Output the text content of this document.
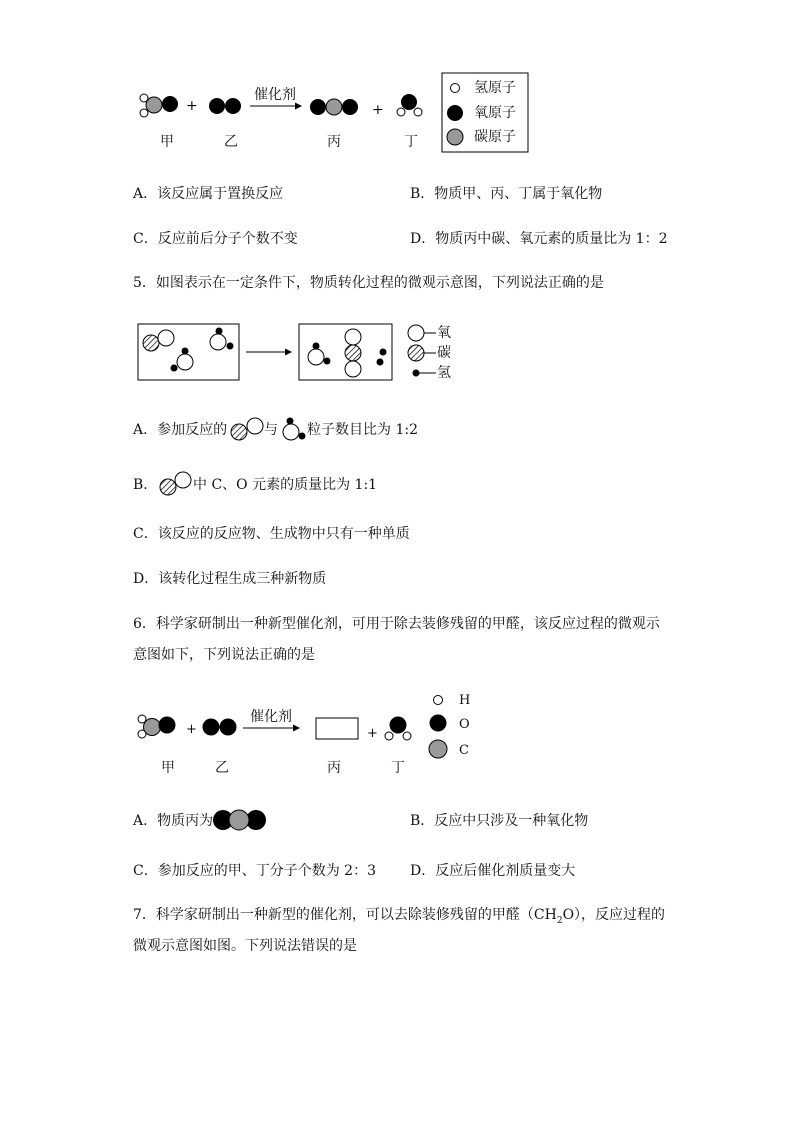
+	+
催化剂
甲	乙	丙	丁
氢原子
氧原子
碳原子
A．该反应属于置换反应	B．物质甲、丙、丁属于氧化物
C．反应前后分子个数不变	D．物质丙中碳、氧元素的质量比为 1：2
5．如图表示在一定条件下，物质转化过程的微观示意图，下列说法正确的是
氧
碳
氢
A．参加反应的	与 粒子数目比为 1:2
B．	中 C、O 元素的质量比为 1:1
C．该反应的反应物、生成物中只有一种单质
D．该转化过程生成三种新物质
6．科学家研制出一种新型催化剂，可用于除去装修残留的甲醛，该反应过程的微观示
意图如下，下列说法正确的是
+	+
催化剂
H
O
C
甲	乙	丙	丁
A．物质丙为	B．反应中只涉及一种氧化物
C．参加反应的甲、丁分子个数为 2：3 D．反应后催化剂质量变大
7．科学家研制出一种新型的催化剂，可以去除装修残留的甲醛$(CH_2O)$，反应过程的
微观示意图如图。下列说法错误的是
